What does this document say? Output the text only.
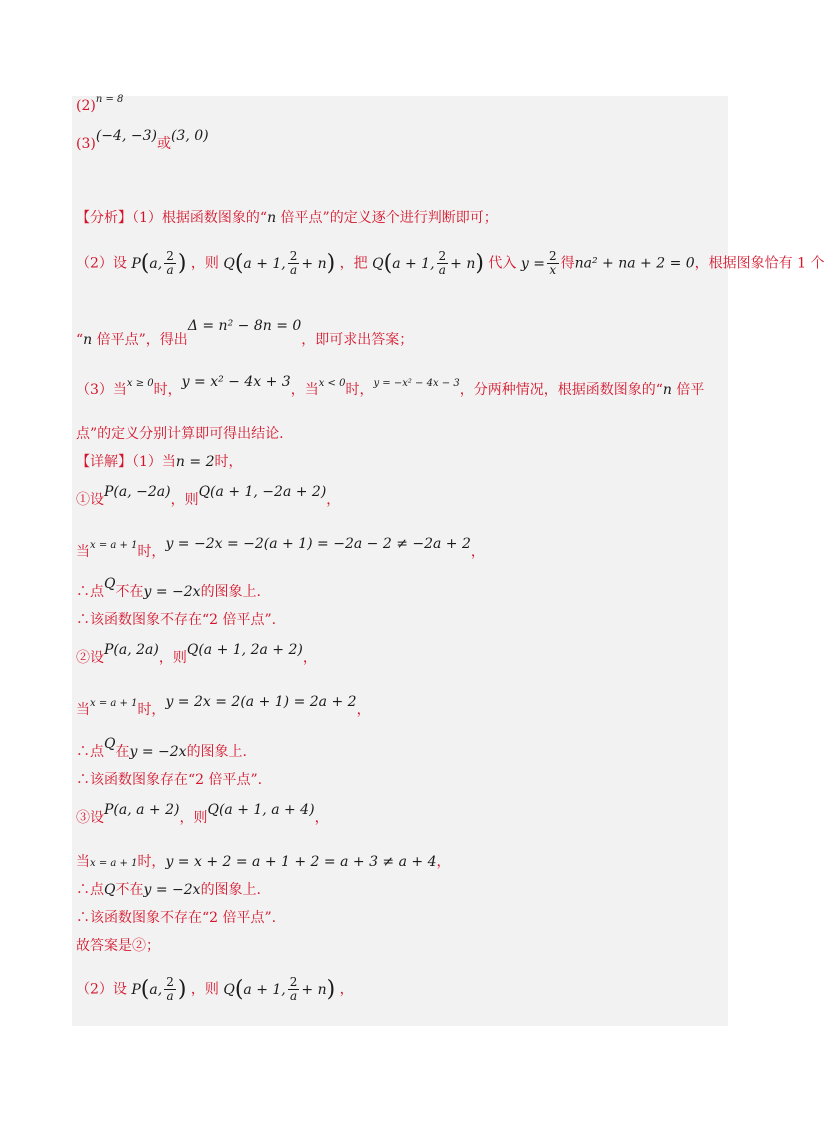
$(2)^{n = 8}$
(3)(−4, −3)或(3, 0)
【分析】（1）根据函数图象的“n 倍平点”的定义逐个进行判断即可；
（2）设 P(a, $\frac{2}{a}$ ) ，则 Q(a + 1, $\frac{2}{a} + n$) ，把 Q(a + 1, $\frac{2}{a} + n$) 代入 $y = \frac{2}{x}$ 得na² + na + 2 = 0，根据图象恰有 1 个
“n 倍平点”，得出Δ = n² − 8n = 0，即可求出答案；
（3）当$^{x \ge 0}$时，y = x² − 4x + 3，当$^{x < 0}$时，$^{y = -x^2 - 4x - 3}$，分两种情况，根据函数图象的“n 倍平
点”的定义分别计算即可得出结论.
【详解】（1）当n = 2时，
①设P(a, −2a)，则Q(a + 1, −2a + 2)，
当$^{x = a + 1}$时，y = −2x = −2(a + 1) = −2a − 2 ≠ −2a + 2，
∴点Q不在y = −2x的图象上.
∴该函数图象不存在“2 倍平点”.
②设P(a, 2a)，则Q(a + 1, 2a + 2)，
当$^{x = a + 1}$时，y = 2x = 2(a + 1) = 2a + 2，
∴点Q在y = −2x的图象上.
∴该函数图象存在“2 倍平点”.
③设P(a, a + 2)，则Q(a + 1, a + 4)，
当x = a + 1时，y = x + 2 = a + 1 + 2 = a + 3 ≠ a + 4，
∴点Q不在y = −2x的图象上.
∴该函数图象不存在“2 倍平点”.
故答案是②；
（2）设 P(a, $\frac{2}{a}$ ) ，则 Q(a + 1, $\frac{2}{a} + n$) ，
